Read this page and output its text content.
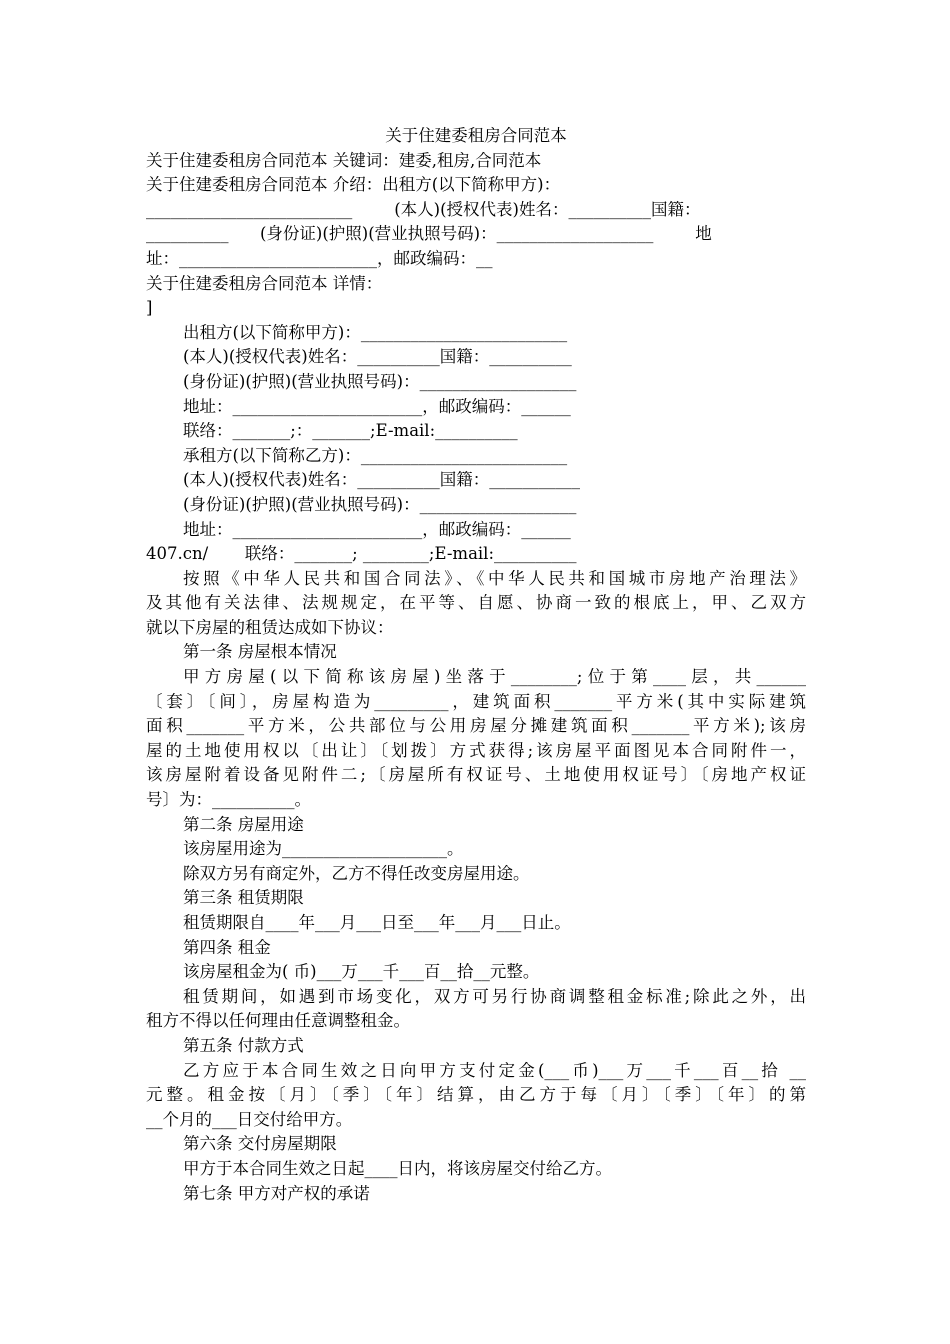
关于住建委租房合同范本
关于住建委租房合同范本 关键词：建委,租房,合同范本
关于住建委租房合同范本 介绍：出租方(以下简称甲方)：
_________________________        (本人)(授权代表)姓名：__________国籍：
__________      (身份证)(护照)(营业执照号码)：___________________        地
址：________________________，邮政编码：__
关于住建委租房合同范本 详情：
]
出租方(以下简称甲方)：_________________________
(本人)(授权代表)姓名：__________国籍：__________
(身份证)(护照)(营业执照号码)：___________________
地址：_______________________，邮政编码：______
联络：_______;：_______;E-mail:__________
承租方(以下简称乙方)：_________________________
(本人)(授权代表)姓名：__________国籍：___________
(身份证)(护照)(营业执照号码)：___________________
地址：_______________________，邮政编码：______
407.cn/       联络：_______; ________;E-mail:__________
按照《中华人民共和国合同法》、《中华人民共和国城市房地产治理法》
及其他有关法律、法规规定，在平等、自愿、协商一致的根底上，甲、乙双方
就以下房屋的租赁达成如下协议：
第一条 房屋根本情况
甲方房屋(以下简称该房屋)坐落于________;位于第____层，共______
〔套〕〔间〕，房屋构造为_________，建筑面积_______平方米(其中实际建筑
面积_______平方米，公共部位与公用房屋分摊建筑面积_______平方米);该房
屋的土地使用权以〔出让〕〔划拨〕方式获得;该房屋平面图见本合同附件一，
该房屋附着设备见附件二;〔房屋所有权证号、土地使用权证号〕〔房地产权证
号〕为：__________。
第二条 房屋用途
该房屋用途为____________________。
除双方另有商定外，乙方不得任改变房屋用途。
第三条 租赁期限
租赁期限自____年___月___日至___年___月___日止。
第四条 租金
该房屋租金为( 币)___万___千___百__拾__元整。
租赁期间，如遇到市场变化，双方可另行协商调整租金标准;除此之外，出
租方不得以任何理由任意调整租金。
第五条 付款方式
乙方应于本合同生效之日向甲方支付定金(___币)___万___千___百__拾 __
元整。租金按〔月〕〔季〕〔年〕结算，由乙方于每〔月〕〔季〕〔年〕的第
__个月的___日交付给甲方。
第六条 交付房屋期限
甲方于本合同生效之日起____日内，将该房屋交付给乙方。
第七条 甲方对产权的承诺
